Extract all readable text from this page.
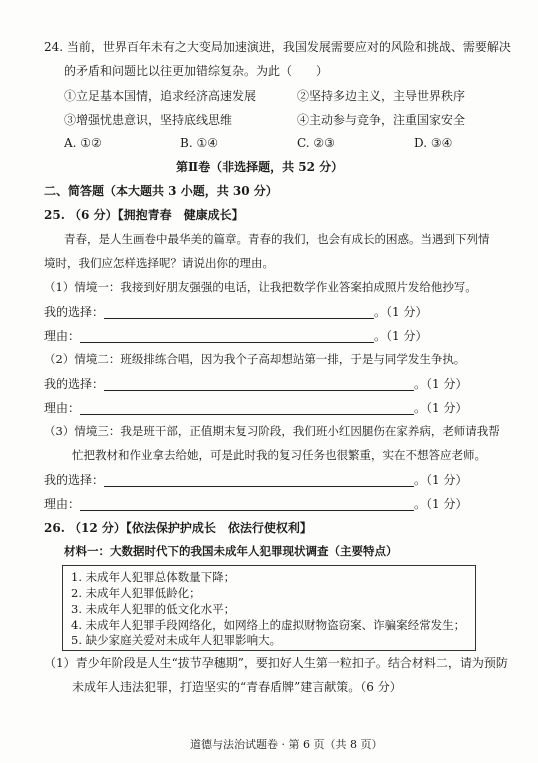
24. 当前，世界百年未有之大变局加速演进，我国发展需要应对的风险和挑战、需要解决
的矛盾和问题比以往更加错综复杂。为此（　　）
①立足基本国情，追求经济高速发展	②坚持多边主义，主导世界秩序
③增强忧患意识，坚持底线思维	④主动参与竞争，注重国家安全
A. ①②	B. ①④	C. ②③	D. ③④
第Ⅱ卷（非选择题，共 52 分）
二、简答题（本大题共 3 小题，共 30 分）
25. （6 分）【拥抱青春　健康成长】
青春，是人生画卷中最华美的篇章。青春的我们，也会有成长的困惑。当遇到下列情
境时，我们应怎样选择呢？请说出你的理由。
（1）情境一：我接到好朋友强强的电话，让我把数学作业答案拍成照片发给他抄写。
我的选择：	。（1 分）
理由：	。（1 分）
（2）情境二：班级排练合唱，因为我个子高却想站第一排，于是与同学发生争执。
我的选择：	。（1 分）
理由：	。（1 分）
（3）情境三：我是班干部，正值期末复习阶段，我们班小红因腿伤在家养病，老师请我帮
忙把教材和作业拿去给她，可是此时我的复习任务也很繁重，实在不想答应老师。
我的选择：	。（1 分）
理由：	。（1 分）
26. （12 分）【依法保护护成长　依法行使权利】
材料一：大数据时代下的我国未成年人犯罪现状调查（主要特点）
1. 未成年人犯罪总体数量下降；
2. 未成年人犯罪低龄化；
3. 未成年人犯罪的低文化水平；
4. 未成年人犯罪手段网络化，如网络上的虚拟财物盗窃案、诈骗案经常发生；
5. 缺少家庭关爱对未成年人犯罪影响大。
（1）青少年阶段是人生“拔节孕穗期”，要扣好人生第一粒扣子。结合材料二，请为预防
未成年人违法犯罪，打造坚实的“青春盾牌”建言献策。（6 分）
道德与法治试题卷 · 第 6 页（共 8 页）
